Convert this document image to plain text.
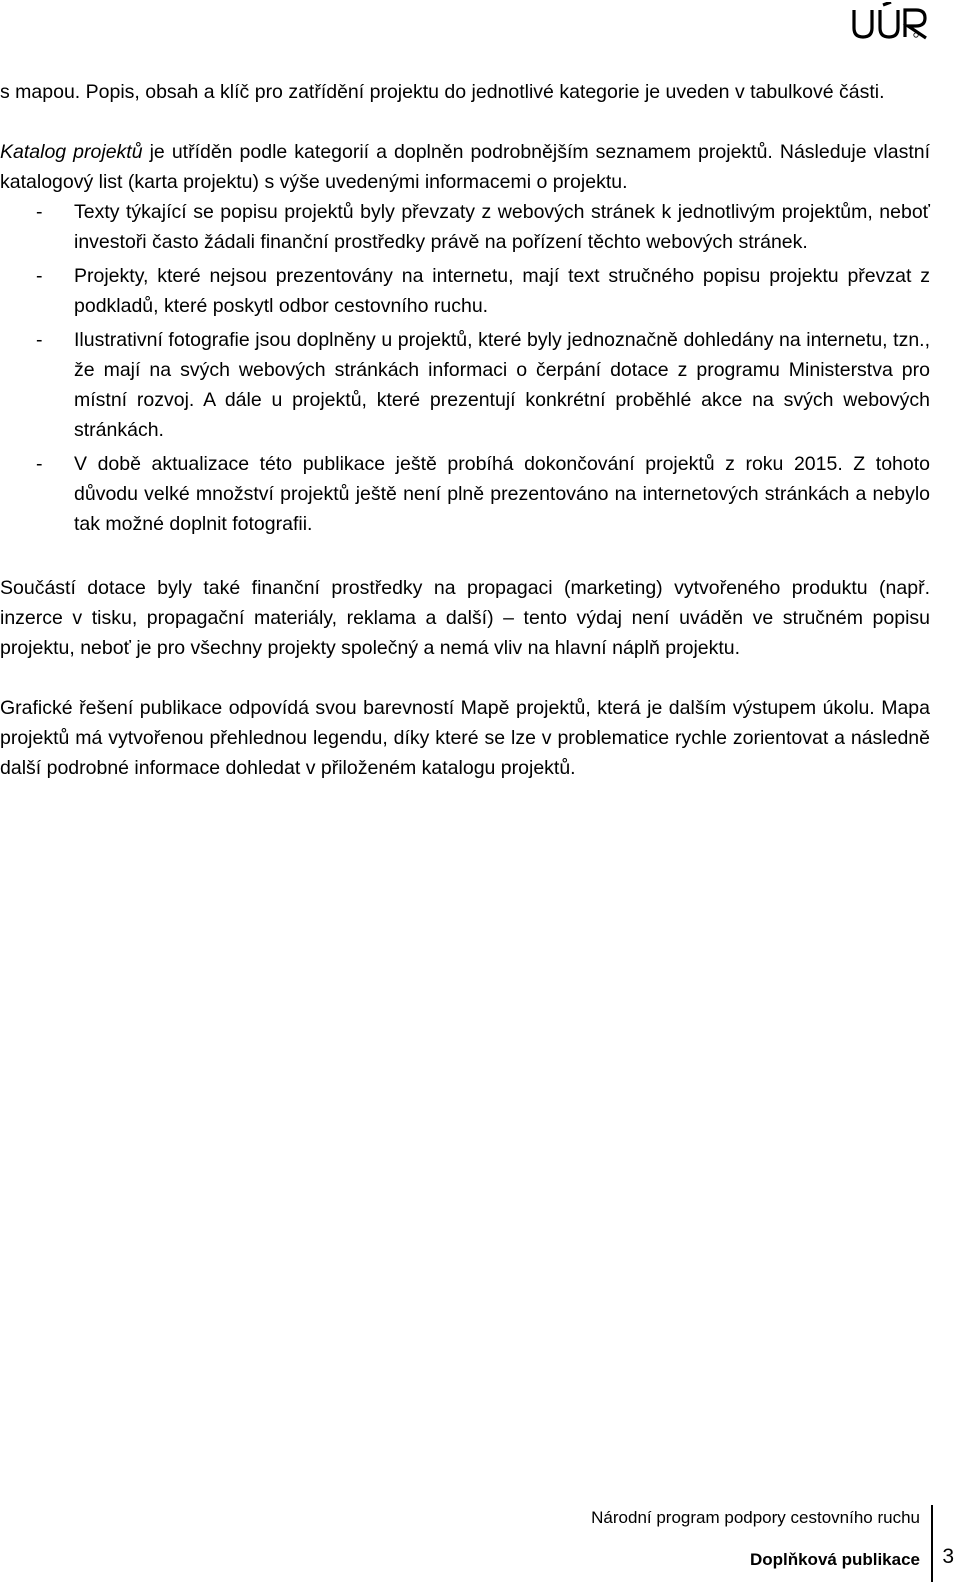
s mapou. Popis, obsah a klíč pro zatřídění projektu do jednotlivé kategorie je uveden v tabulkové části.

Katalog projektů je utříděn podle kategorií a doplněn podrobnějším seznamem projektů. Následuje vlastní katalogový list (karta projektu) s výše uvedenými informacemi o projektu.

- Texty týkající se popisu projektů byly převzaty z webových stránek k jednotlivým projektům, neboť investoři často žádali finanční prostředky právě na pořízení těchto webových stránek.
- Projekty, které nejsou prezentovány na internetu, mají text stručného popisu projektu převzat z podkladů, které poskytl odbor cestovního ruchu.
- Ilustrativní fotografie jsou doplněny u projektů, které byly jednoznačně dohledány na internetu, tzn., že mají na svých webových stránkách informaci o čerpání dotace z programu Ministerstva pro místní rozvoj. A dále u projektů, které prezentují konkrétní proběhlé akce na svých webových stránkách.
- V době aktualizace této publikace ještě probíhá dokončování projektů z roku 2015. Z tohoto důvodu velké množství projektů ještě není plně prezentováno na internetových stránkách a nebylo tak možné doplnit fotografii.

Součástí dotace byly také finanční prostředky na propagaci (marketing) vytvořeného produktu (např. inzerce v tisku, propagační materiály, reklama a další) – tento výdaj není uváděn ve stručném popisu projektu, neboť je pro všechny projekty společný a nemá vliv na hlavní náplň projektu.

Grafické řešení publikace odpovídá svou barevností Mapě projektů, která je dalším výstupem úkolu. Mapa projektů má vytvořenou přehlednou legendu, díky které se lze v problematice rychle zorientovat a následně další podrobné informace dohledat v přiloženém katalogu projektů.

Národní program podpory cestovního ruchu
Doplňková publikace 3
